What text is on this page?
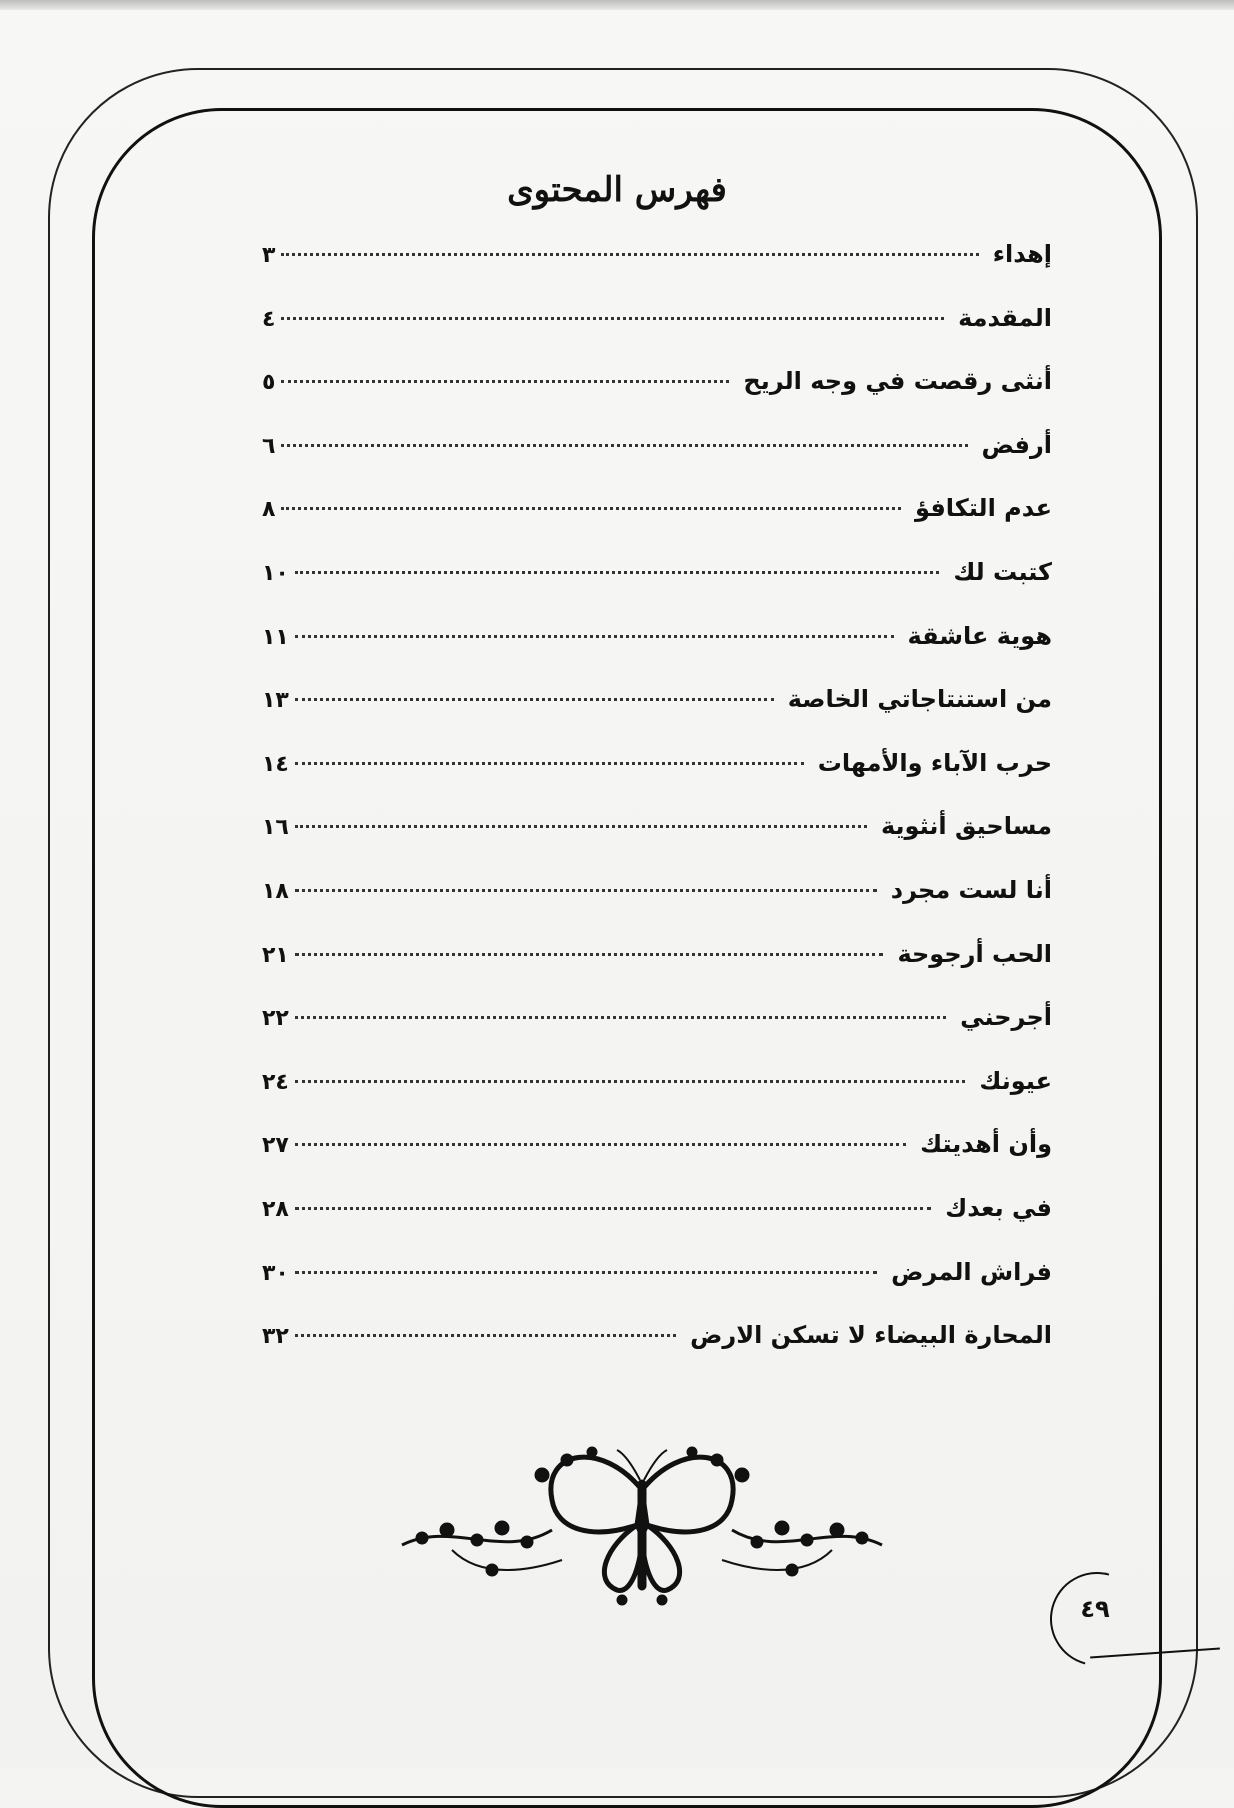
فهرس المحتوى
إهداء
٣
المقدمة
٤
أنثى رقصت في وجه الريح
٥
أرفض
٦
عدم التكافؤ
٨
كتبت لك
١٠
هوية عاشقة
١١
من استنتاجاتي الخاصة
١٣
حرب الآباء والأمهات
١٤
مساحيق أنثوية
١٦
أنا لست مجرد
١٨
الحب أرجوحة
٢١
أجرحني
٢٢
عيونك
٢٤
وأن أهديتك
٢٧
في بعدك
٢٨
فراش المرض
٣٠
المحارة البيضاء لا تسكن الارض
٣٢
٤٩
